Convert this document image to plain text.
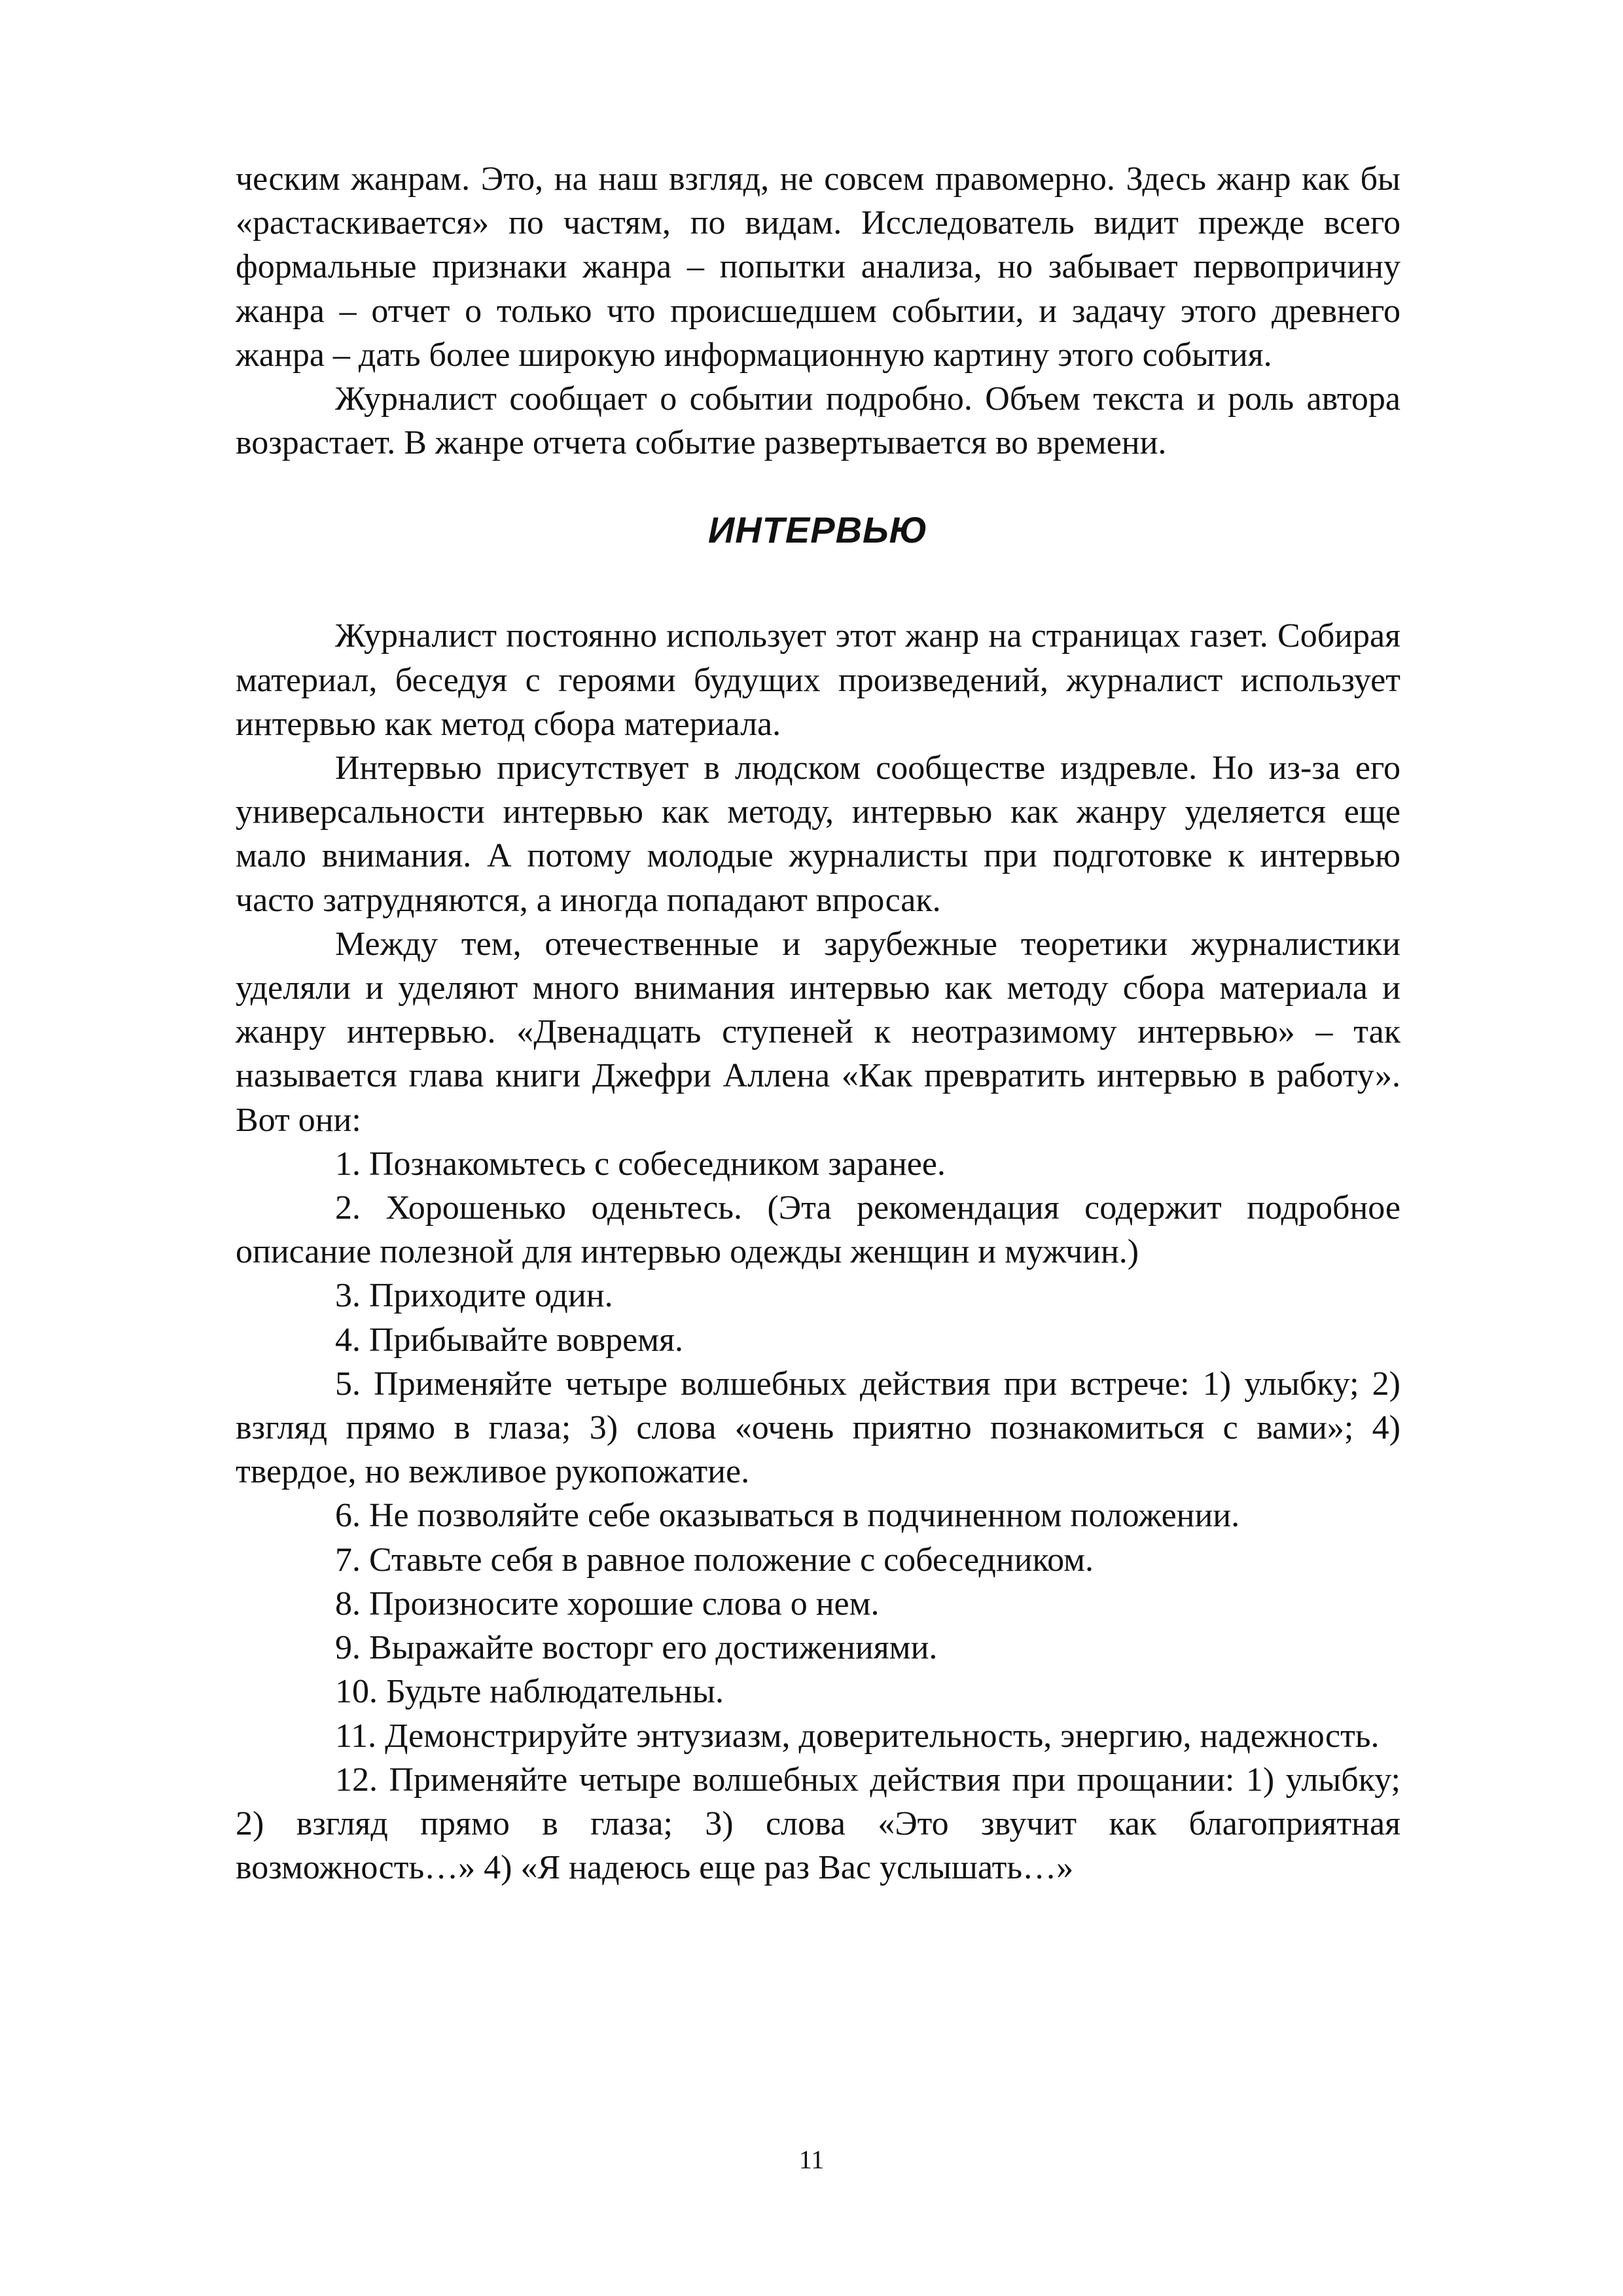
ческим жанрам. Это, на наш взгляд, не совсем правомерно. Здесь жанр как бы «растаскивается» по частям, по видам. Исследователь видит прежде всего формальные признаки жанра – попытки анализа, но забывает первопричину жанра – отчет о только что происшедшем событии, и задачу этого древнего жанра – дать более широкую информационную картину этого события.

Журналист сообщает о событии подробно. Объем текста и роль автора возрастает. В жанре отчета событие развертывается во времени.

ИНТЕРВЬЮ

Журналист постоянно использует этот жанр на страницах газет. Собирая материал, беседуя с героями будущих произведений, журналист использует интервью как метод сбора материала.

Интервью присутствует в людском сообществе издревле. Но из-за его универсальности интервью как методу, интервью как жанру уделяется еще мало внимания. А потому молодые журналисты при подготовке к интервью часто затрудняются, а иногда попадают впросак.

Между тем, отечественные и зарубежные теоретики журналистики уделяли и уделяют много внимания интервью как методу сбора материала и жанру интервью. «Двенадцать ступеней к неотразимому интервью» – так называется глава книги Джефри Аллена «Как превратить интервью в работу». Вот они:

1. Познакомьтесь с собеседником заранее.

2. Хорошенько оденьтесь. (Эта рекомендация содержит подробное описание полезной для интервью одежды женщин и мужчин.)

3. Приходите один.

4. Прибывайте вовремя.

5. Применяйте четыре волшебных действия при встрече: 1) улыбку; 2) взгляд прямо в глаза; 3) слова «очень приятно познакомиться с вами»; 4) твердое, но вежливое рукопожатие.

6. Не позволяйте себе оказываться в подчиненном положении.

7. Ставьте себя в равное положение с собеседником.

8. Произносите хорошие слова о нем.

9. Выражайте восторг его достижениями.

10. Будьте наблюдательны.

11. Демонстрируйте энтузиазм, доверительность, энергию, надежность.

12. Применяйте четыре волшебных действия при прощании: 1) улыбку; 2) взгляд прямо в глаза; 3) слова «Это звучит как благоприятная возможность…» 4) «Я надеюсь еще раз Вас услышать…»

11
